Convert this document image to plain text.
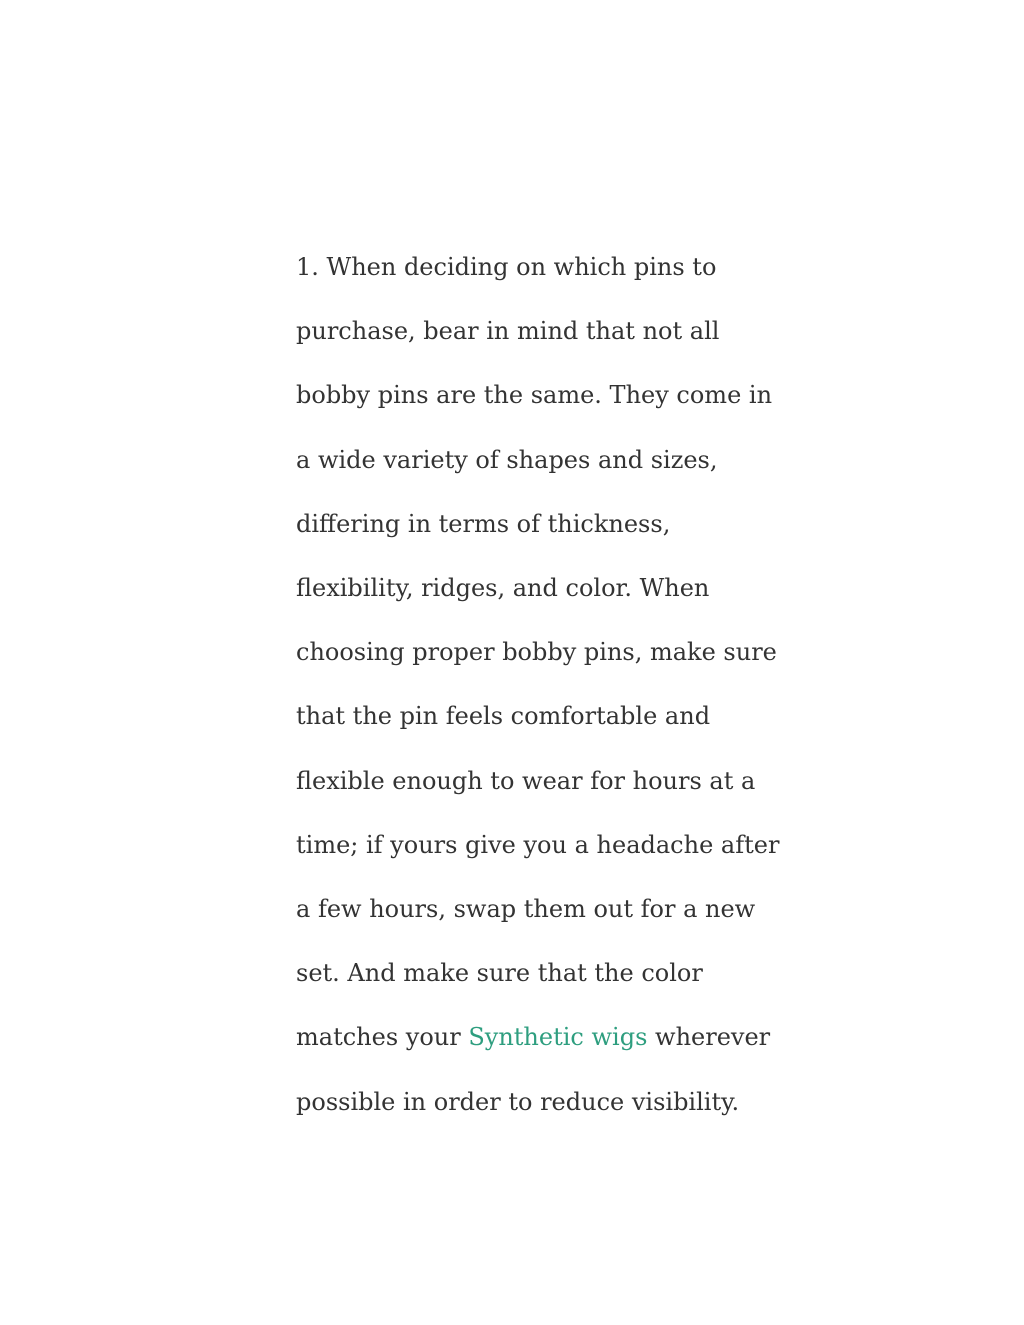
1. When deciding on which pins to
purchase, bear in mind that not all
bobby pins are the same. They come in
a wide variety of shapes and sizes,
differing in terms of thickness,
flexibility, ridges, and color. When
choosing proper bobby pins, make sure
that the pin feels comfortable and
flexible enough to wear for hours at a
time; if yours give you a headache after
a few hours, swap them out for a new
set. And make sure that the color
matches your Synthetic wigs wherever
possible in order to reduce visibility.
